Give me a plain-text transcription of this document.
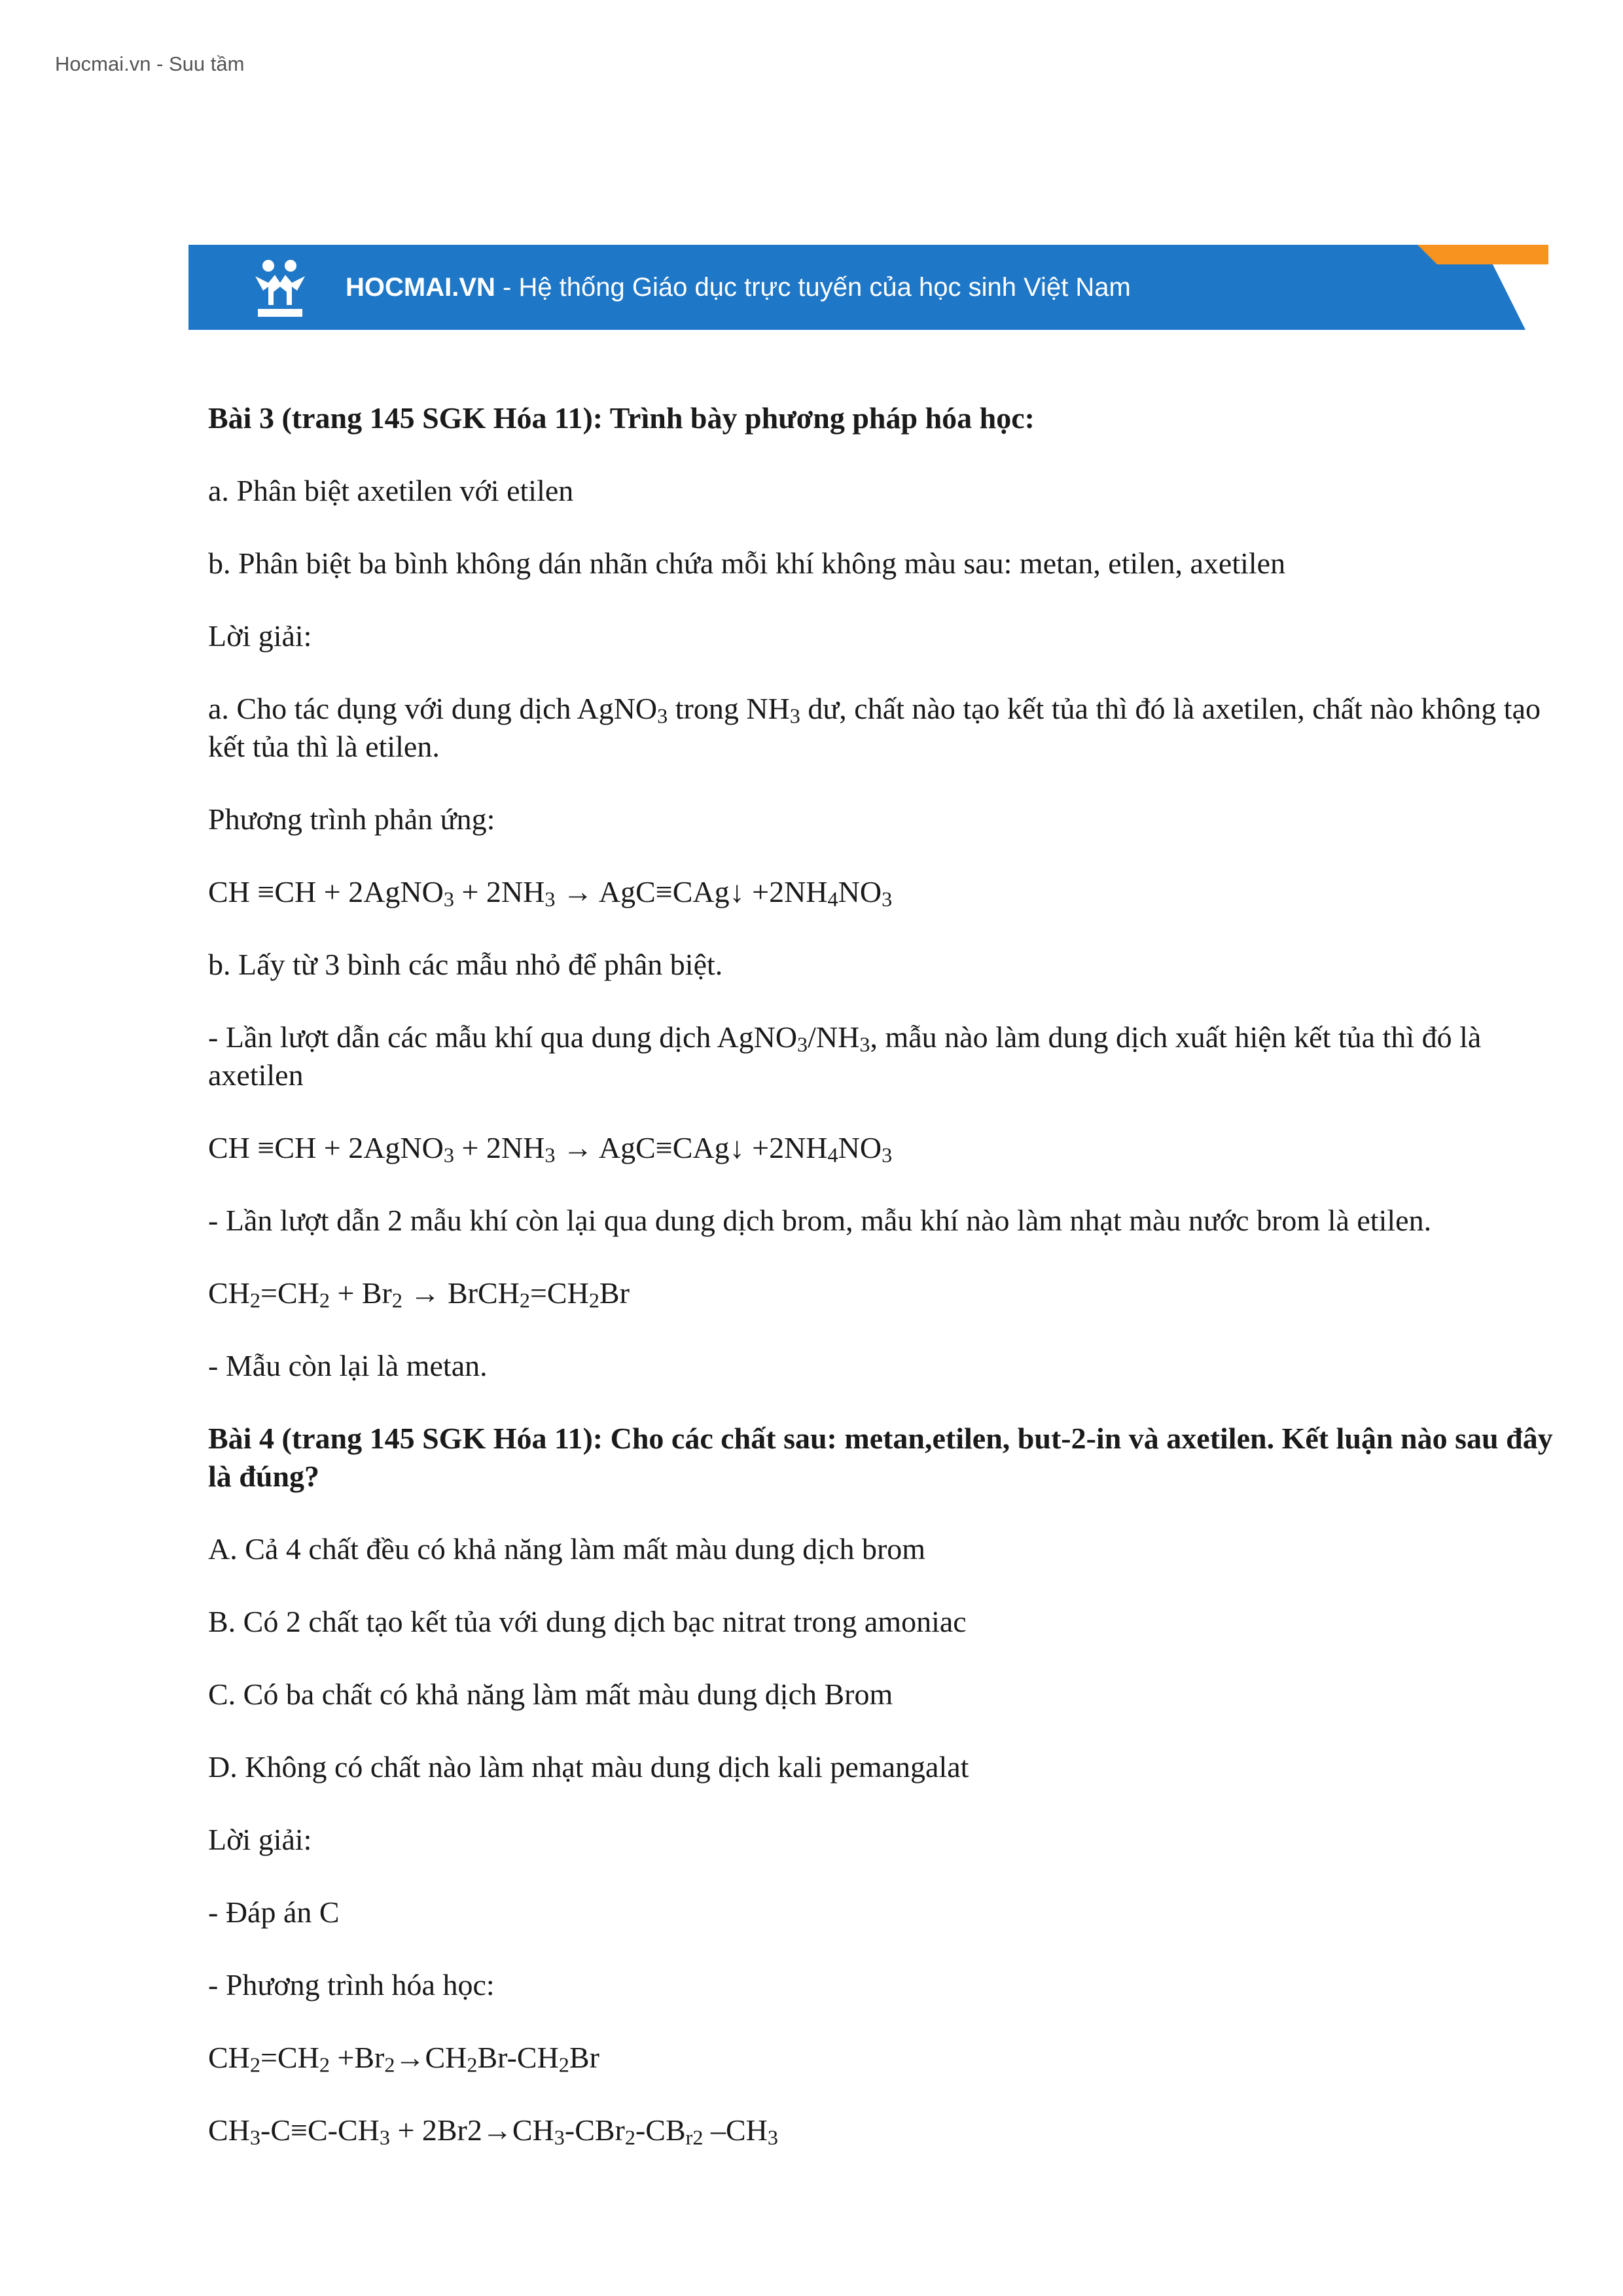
Hocmai.vn - Suu tầm
HOCMAI.VN - Hệ thống Giáo dục trực tuyến của học sinh Việt Nam

Bài 3 (trang 145 SGK Hóa 11): Trình bày phương pháp hóa học:

a. Phân biệt axetilen với etilen

b. Phân biệt ba bình không dán nhãn chứa mỗi khí không màu sau: metan, etilen, axetilen

Lời giải:

a. Cho tác dụng với dung dịch AgNO$_3$ trong $NH_3$ dư, chất nào tạo kết tủa thì đó là axetilen, chất nào không tạo kết tủa thì là etilen.

Phương trình phản ứng:

CH ≡CH + 2AgNO$_3$ + $2NH_3$ → AgC≡CAg↓ $+2NH_4NO_3$

b. Lấy từ 3 bình các mẫu nhỏ để phân biệt.

- Lần lượt dẫn các mẫu khí qua dung dịch $AgNO_3/NH_3$, mẫu nào làm dung dịch xuất hiện kết tủa thì đó là axetilen

CH ≡CH + 2AgNO$_3$ + $2NH_3$ → AgC≡CAg↓ $+2NH_4NO_3$

- Lần lượt dẫn 2 mẫu khí còn lại qua dung dịch brom, mẫu khí nào làm nhạt màu nước brom là etilen.

$CH_2=CH_2 + Br_2$ → $BrCH_2=CH_2Br$

- Mẫu còn lại là metan.

Bài 4 (trang 145 SGK Hóa 11): Cho các chất sau: metan,etilen, but-2-in và axetilen. Kết luận nào sau đây là đúng?

A. Cả 4 chất đều có khả năng làm mất màu dung dịch brom

B. Có 2 chất tạo kết tủa với dung dịch bạc nitrat trong amoniac

C. Có ba chất có khả năng làm mất màu dung dịch Brom

D. Không có chất nào làm nhạt màu dung dịch kali pemangalat

Lời giải:

- Đáp án C

- Phương trình hóa học:

$CH_2=CH_2 +Br_2\to CH_2Br-CH_2Br$

$CH_3-C\equiv C-CH_3 + 2Br2\to CH_3-CBr_2-CB_{r2}$ $-CH_3$
